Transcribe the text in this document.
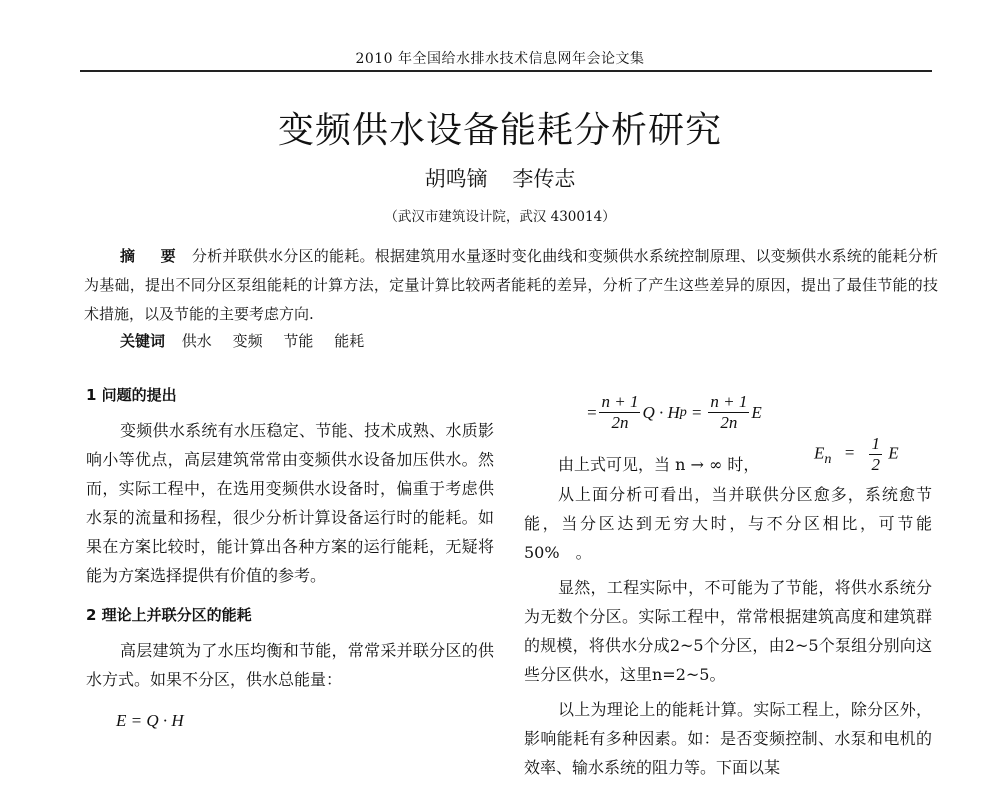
2010 年全国给水排水技术信息网年会论文集
变频供水设备能耗分析研究
胡鸣镝 李传志
（武汉市建筑设计院，武汉 430014）
摘 要 分析并联供水分区的能耗。根据建筑用水量逐时变化曲线和变频供水系统控制原理、以变频供水系统的能耗分析为基础，提出不同分区泵组能耗的计算方法，定量计算比较两者能耗的差异，分析了产生这些差异的原因，提出了最佳节能的技术措施，以及节能的主要考虑方向.
关键词 供水 变频 节能 能耗
1 问题的提出

变频供水系统有水压稳定、节能、技术成熟、水质影响小等优点，高层建筑常常由变频供水设备加压供水。然而，实际工程中，在选用变频供水设备时，偏重于考虑供水泵的流量和扬程，很少分析计算设备运行时的能耗。如果在方案比较时，能计算出各种方案的运行能耗，无疑将能为方案选择提供有价值的参考。

2 理论上并联分区的能耗

高层建筑为了水压均衡和节能，常常采并联分区的供水方式。如果不分区，供水总能量：

E = Q · H
= $\frac{n + 1}{2n}$ Q · H $p = \frac{n + 1}{2n}$ E
由上式可见，当 n → ∞ 时，
$E_n = \frac{1}{2}$ E

从上面分析可看出，当并联供分区愈多，系统愈节能，当分区达到无穷大时，与不分区相比，可节能50%　。

显然，工程实际中，不可能为了节能，将供水系统分为无数个分区。实际工程中，常常根据建筑高度和建筑群的规模，将供水分成2~5个分区，由2~5个泵组分别向这些分区供水，这里n=2~5。

以上为理论上的能耗计算。实际工程上，除分区外，影响能耗有多种因素。如：是否变频控制、水泵和电机的效率、输水系统的阻力等。下面以某
